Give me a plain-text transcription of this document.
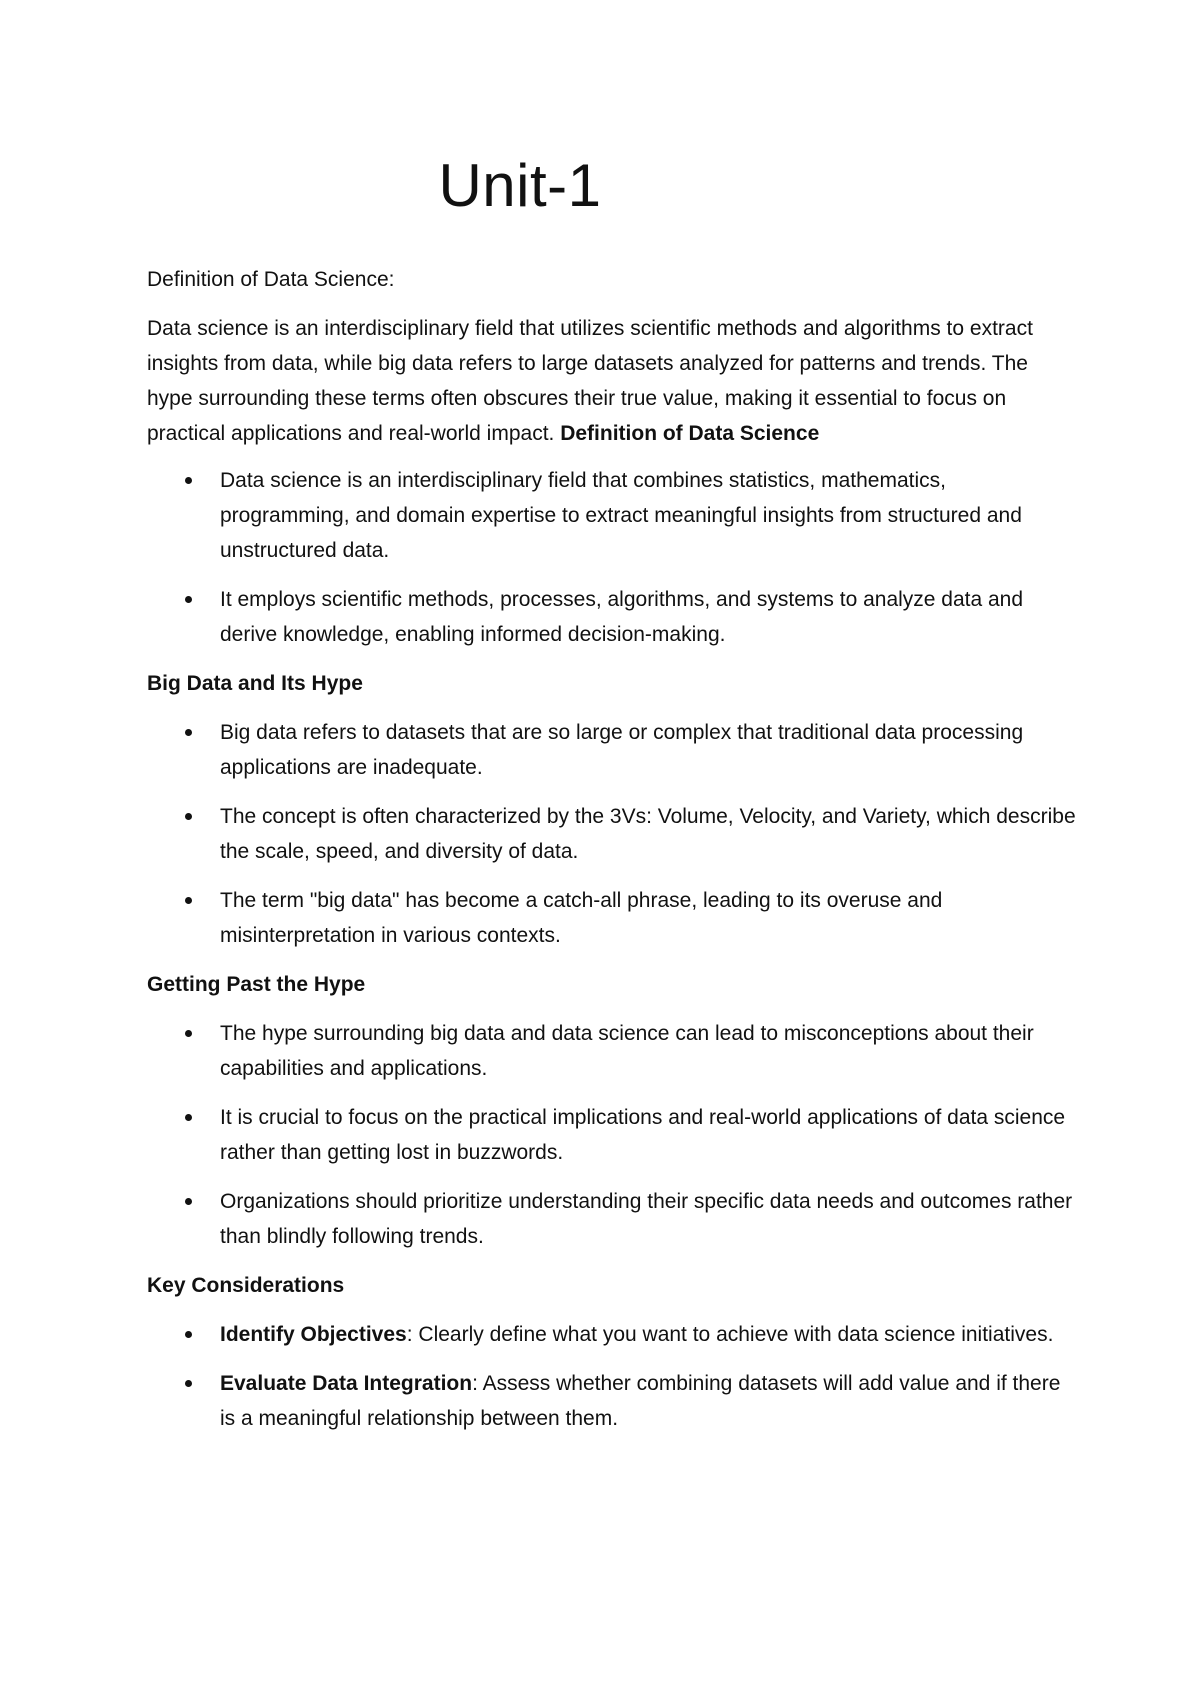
Unit-1

Definition of Data Science:

Data science is an interdisciplinary field that utilizes scientific methods and algorithms to extract insights from data, while big data refers to large datasets analyzed for patterns and trends. The hype surrounding these terms often obscures their true value, making it essential to focus on practical applications and real-world impact. Definition of Data Science

Data science is an interdisciplinary field that combines statistics, mathematics, programming, and domain expertise to extract meaningful insights from structured and unstructured data.
It employs scientific methods, processes, algorithms, and systems to analyze data and derive knowledge, enabling informed decision-making.

Big Data and Its Hype

Big data refers to datasets that are so large or complex that traditional data processing applications are inadequate.
The concept is often characterized by the 3Vs: Volume, Velocity, and Variety, which describe the scale, speed, and diversity of data.
The term "big data" has become a catch-all phrase, leading to its overuse and misinterpretation in various contexts.

Getting Past the Hype

The hype surrounding big data and data science can lead to misconceptions about their capabilities and applications.
It is crucial to focus on the practical implications and real-world applications of data science rather than getting lost in buzzwords.
Organizations should prioritize understanding their specific data needs and outcomes rather than blindly following trends.

Key Considerations

Identify Objectives: Clearly define what you want to achieve with data science initiatives.
Evaluate Data Integration: Assess whether combining datasets will add value and if there is a meaningful relationship between them.
